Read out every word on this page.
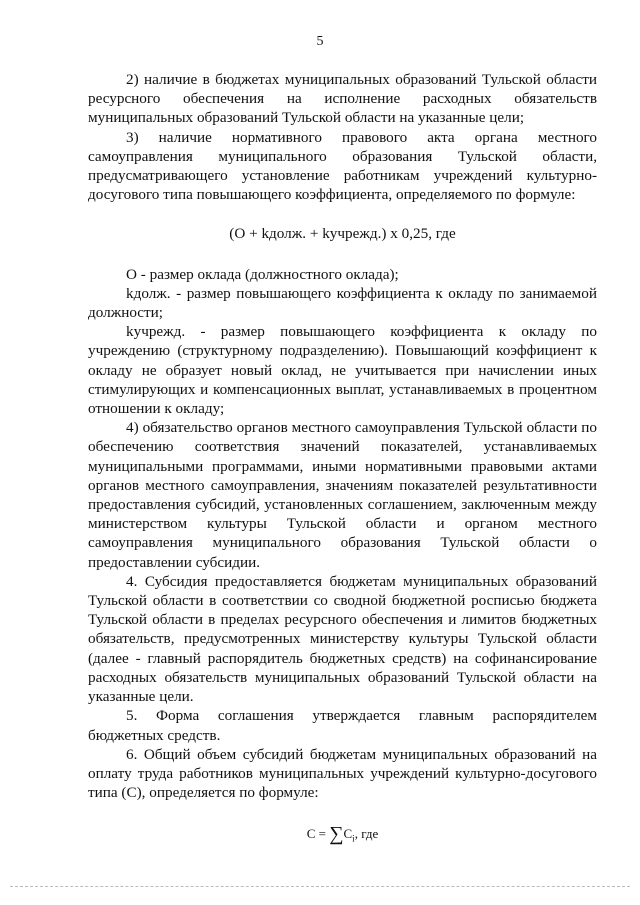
5

2) наличие в бюджетах муниципальных образований Тульской области ресурсного обеспечения на исполнение расходных обязательств муниципальных образований Тульской области на указанные цели;

3) наличие нормативного правового акта органа местного самоуправления муниципального образования Тульской области, предусматривающего установление работникам учреждений культурно-досугового типа повышающего коэффициента, определяемого по формуле:

(О + kдолж. + kучрежд.) x 0,25, где

О - размер оклада (должностного оклада);

kдолж. - размер повышающего коэффициента к окладу по занимаемой должности;

kучрежд. - размер повышающего коэффициента к окладу по учреждению (структурному подразделению). Повышающий коэффициент к окладу не образует новый оклад, не учитывается при начислении иных стимулирующих и компенсационных выплат, устанавливаемых в процентном отношении к окладу;

4) обязательство органов местного самоуправления Тульской области по обеспечению соответствия значений показателей, устанавливаемых муниципальными программами, иными нормативными правовыми актами органов местного самоуправления, значениям показателей результативности предоставления субсидий, установленных соглашением, заключенным между министерством культуры Тульской области и органом местного самоуправления муниципального образования Тульской области о предоставлении субсидии.

4. Субсидия предоставляется бюджетам муниципальных образований Тульской области в соответствии со сводной бюджетной росписью бюджета Тульской области в пределах ресурсного обеспечения и лимитов бюджетных обязательств, предусмотренных министерству культуры Тульской области (далее - главный распорядитель бюджетных средств) на софинансирование расходных обязательств муниципальных образований Тульской области на указанные цели.

5. Форма соглашения утверждается главным распорядителем бюджетных средств.

6. Общий объем субсидий бюджетам муниципальных образований на оплату труда работников муниципальных учреждений культурно-досугового типа (С), определяется по формуле:

$C = \sum C_i$, где
